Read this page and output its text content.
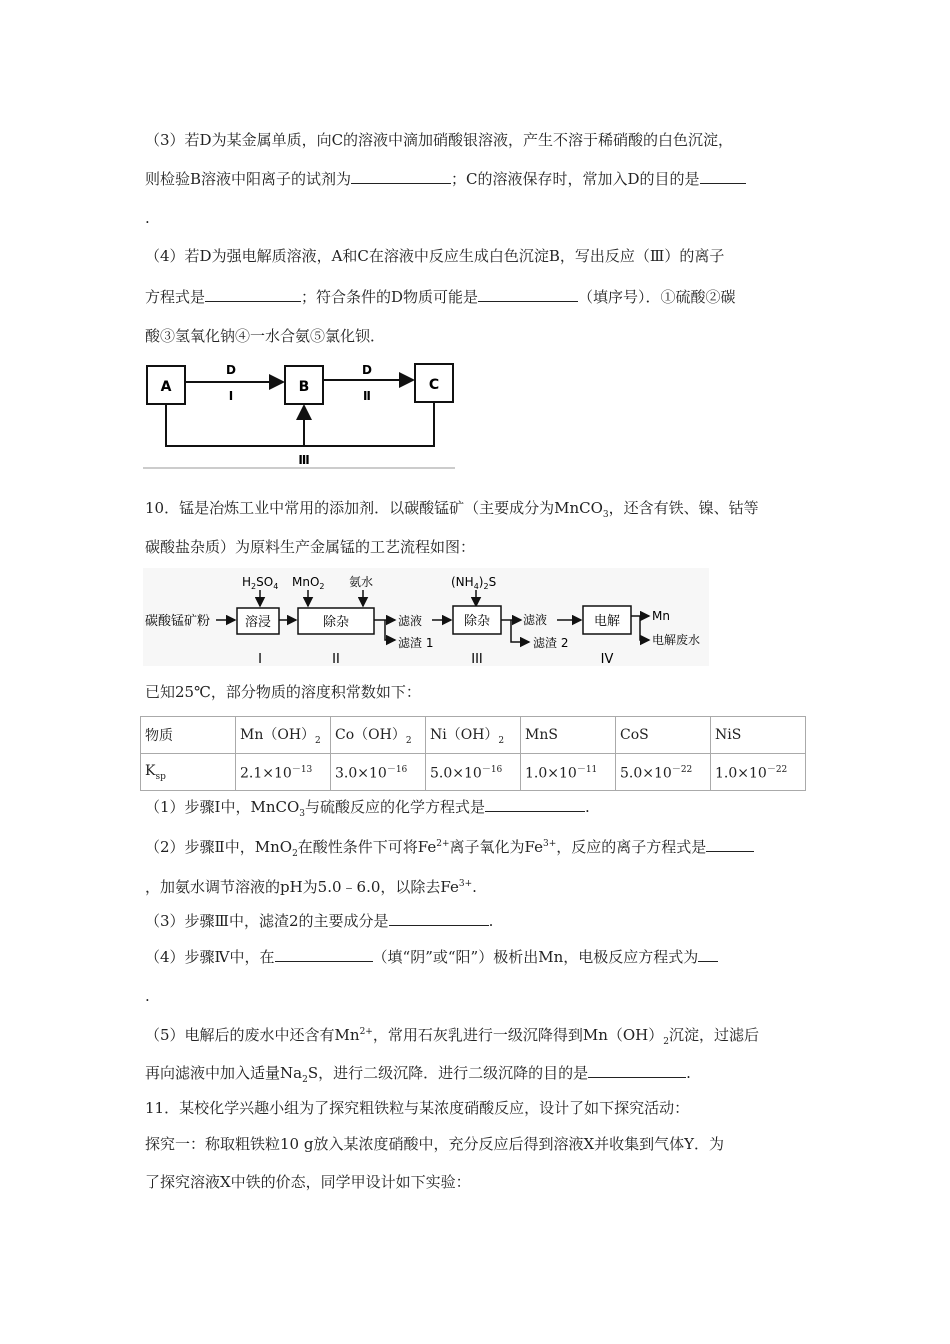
（3）若D为某金属单质，向C的溶液中滴加硝酸银溶液，产生不溶于稀硝酸的白色沉淀，
则检验B溶液中阳离子的试剂为	；C的溶液保存时，常加入D的目的是
.
（4）若D为强电解质溶液，A和C在溶液中反应生成白色沉淀B，写出反应（Ⅲ）的离子
方程式是	；符合条件的D物质可能是	（填序号）．①硫酸②碳
酸③氢氧化钠④一水合氨⑤氯化钡．
A	B	C
D
Ⅰ
D
Ⅱ
Ⅲ
10．锰是冶炼工业中常用的添加剂．以碳酸锰矿（主要成分为MnCO$_3$，还含有铁、镍、钴等
碳酸盐杂质）为原料生产金属锰的工艺流程如图：
碳酸锰矿粉
$H_2SO_4$ MnO$_2$ 氨水	$(NH_4)_2S$
溶浸	除杂	滤液
滤渣 1
除杂	滤液
滤渣 2
电解	Mn
电解废水
I	II	III	IV
已知25℃，部分物质的溶度积常数如下：
物质	$Mn(OH)_2$	$Co(OH)_2$	$Ni(OH)_2$	MnS	CoS	NiS
$K_{sp}$	$2.1\times 10^{-13}$	$3.0\times 10^{-16}$	$5.0\times 10^{-16}$	$1.0\times 10^{-11}$	$5.0\times 10^{-22}$	$1.0\times 10^{-22}$
（1）步骤Ⅰ中，MnCO$_3$与硫酸反应的化学方程式是	.
（2）步骤Ⅱ中，MnO$_2$在酸性条件下可将$Fe^{2+}$离子氧化为$Fe^{3+}$，反应的离子方程式是
，加氨水调节溶液的pH为5.0﹣6.0，以除去$Fe^{3+}$.
（3）步骤Ⅲ中，滤渣2的主要成分是	.
（4）步骤Ⅳ中，在	（填“阴”或“阳”）极析出Mn，电极反应方程式为
.
（5）电解后的废水中还含有$Mn^{2+}$，常用石灰乳进行一级沉降得到$Mn(OH)_2$沉淀，过滤后
再向滤液中加入适量$Na_2S$，进行二级沉降．进行二级沉降的目的是	.
11．某校化学兴趣小组为了探究粗铁粒与某浓度硝酸反应，设计了如下探究活动：
探究一：称取粗铁粒10 g放入某浓度硝酸中，充分反应后得到溶液X并收集到气体Y．为
了探究溶液X中铁的价态，同学甲设计如下实验：
